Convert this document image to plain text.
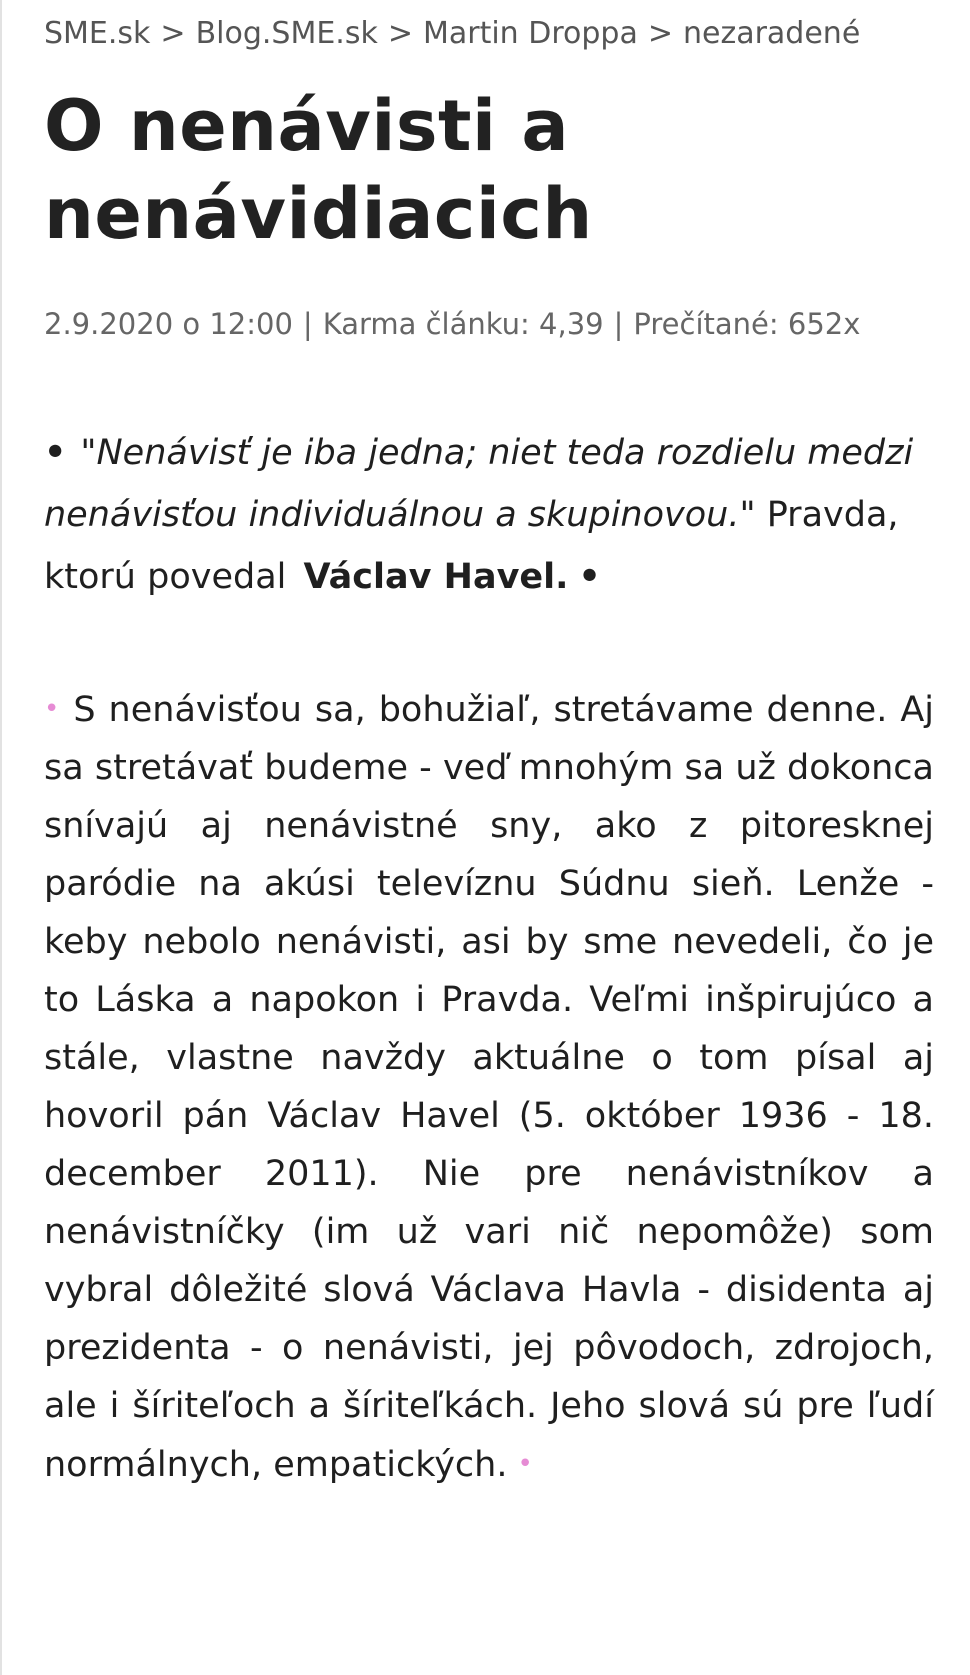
SME.sk > Blog.SME.sk > Martin Droppa > nezaradené
O nenávisti a nenávidiacich
2.9.2020 o 12:00 | Karma článku: 4,39 | Prečítané: 652x

• "Nenávisť je iba jedna; niet teda rozdielu medzi nenávisťou individuálnou a skupinovou." Pravda, ktorú povedal Václav Havel. •

• S nenávisťou sa, bohužiaľ, stretávame denne. Aj sa stretávať budeme - veď mnohým sa už dokonca snívajú aj nenávistné sny, ako z pitoresknej paródie na akúsi televíznu Súdnu sieň. Lenže - keby nebolo nenávisti, asi by sme nevedeli, čo je to Láska a napokon i Pravda. Veľmi inšpirujúco a stále, vlastne navždy aktuálne o tom písal aj hovoril pán Václav Havel (5. október 1936 - 18. december 2011). Nie pre nenávistníkov a nenávistníčky (im už vari nič nepomôže) som vybral dôležité slová Václava Havla - disidenta aj prezidenta - o nenávisti, jej pôvodoch, zdrojoch, ale i šíriteľoch a šíriteľkách. Jeho slová sú pre ľudí normálnych, empatických. •
